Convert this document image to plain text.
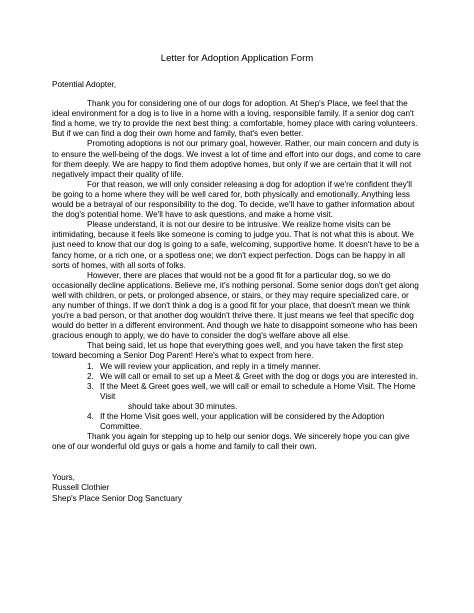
Letter for Adoption Application Form
Potential Adopter,

Thank you for considering one of our dogs for adoption. At Shep's Place, we feel that the ideal environment for a dog is to live in a home with a loving, responsible family. If a senior dog can't find a home, we try to provide the next best thing: a comfortable, homey place with caring volunteers. But if we can find a dog their own home and family, that's even better.

Promoting adoptions is not our primary goal, however. Rather, our main concern and duty is to ensure the well-being of the dogs. We invest a lot of time and effort into our dogs, and come to care for them deeply. We are happy to find them adoptive homes, but only if we are certain that it will not negatively impact their quality of life.

For that reason, we will only consider releasing a dog for adoption if we're confident they'll be going to a home where they will be well cared for, both physically and emotionally. Anything less would be a betrayal of our responsibility to the dog. To decide, we'll have to gather information about the dog's potential home. We'll have to ask questions, and make a home visit.

Please understand, it is not our desire to be intrusive. We realize home visits can be intimidating, because it feels like someone is coming to judge you. That is not what this is about. We just need to know that our dog is going to a safe, welcoming, supportive home. It doesn't have to be a fancy home, or a rich one, or a spotless one; we don't expect perfection. Dogs can be happy in all sorts of homes, with all sorts of folks.

However, there are places that would not be a good fit for a particular dog, so we do occasionally decline applications. Believe me, it's nothing personal. Some senior dogs don't get along well with children, or pets, or prolonged absence, or stairs, or they may require specialized care, or any number of things. If we don't think a dog is a good fit for your place, that doesn't mean we think you're a bad person, or that another dog wouldn't thrive there. It just means we feel that specific dog would do better in a different environment. And though we hate to disappoint someone who has been gracious enough to apply, we do have to consider the dog's welfare above all else.

That being said, let us hope that everything goes well, and you have taken the first step toward becoming a Senior Dog Parent! Here's what to expect from here.

1. We will review your application, and reply in a timely manner.
2. We will call or email to set up a Meet & Greet with the dog or dogs you are interested in.
3. If the Meet & Greet goes well, we will call or email to schedule a Home Visit. The Home Visit
should take about 30 minutes.
4. If the Home Visit goes well, your application will be considered by the Adoption Committee.

Thank you again for stepping up to help our senior dogs. We sincerely hope you can give one of our wonderful old guys or gals a home and family to call their own.

Yours,
Russell Clothier
Shep's Place Senior Dog Sanctuary
